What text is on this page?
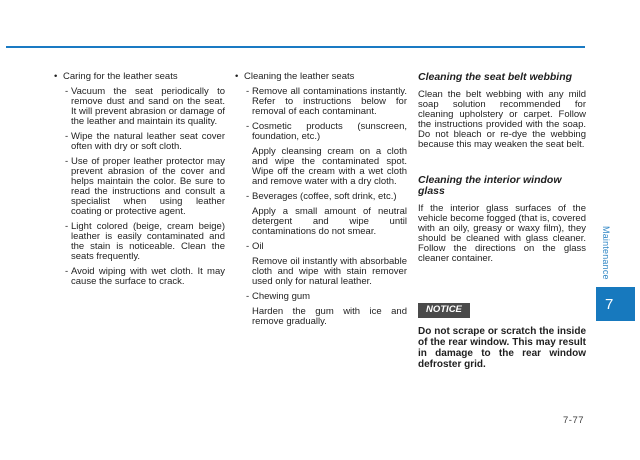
• Caring for the leather seats
- Vacuum the seat periodically to remove dust and sand on the seat. It will prevent abrasion or damage of the leather and maintain its quality.
- Wipe the natural leather seat cover often with dry or soft cloth.
- Use of proper leather protector may prevent abrasion of the cover and helps maintain the color. Be sure to read the instructions and consult a specialist when using leather coating or protective agent.
- Light colored (beige, cream beige) leather is easily contaminated and the stain is noticeable. Clean the seats frequently.
- Avoid wiping with wet cloth. It may cause the surface to crack.
• Cleaning the leather seats
- Remove all contaminations instantly. Refer to instructions below for removal of each contaminant.
- Cosmetic products (sunscreen, foundation, etc.)
Apply cleansing cream on a cloth and wipe the contaminated spot. Wipe off the cream with a wet cloth and remove water with a dry cloth.
- Beverages (coffee, soft drink, etc.)
Apply a small amount of neutral detergent and wipe until contaminations do not smear.
- Oil
Remove oil instantly with absorbable cloth and wipe with stain remover used only for natural leather.
- Chewing gum
Harden the gum with ice and remove gradually.
Cleaning the seat belt webbing
Clean the belt webbing with any mild soap solution recommended for cleaning upholstery or carpet. Follow the instructions provided with the soap. Do not bleach or re-dye the webbing because this may weaken the seat belt.
Cleaning the interior window glass
If the interior glass surfaces of the vehicle become fogged (that is, covered with an oily, greasy or waxy film), they should be cleaned with glass cleaner. Follow the directions on the glass cleaner container.
NOTICE
Do not scrape or scratch the inside of the rear window. This may result in damage to the rear window defroster grid.
Maintenance
7
7-77
